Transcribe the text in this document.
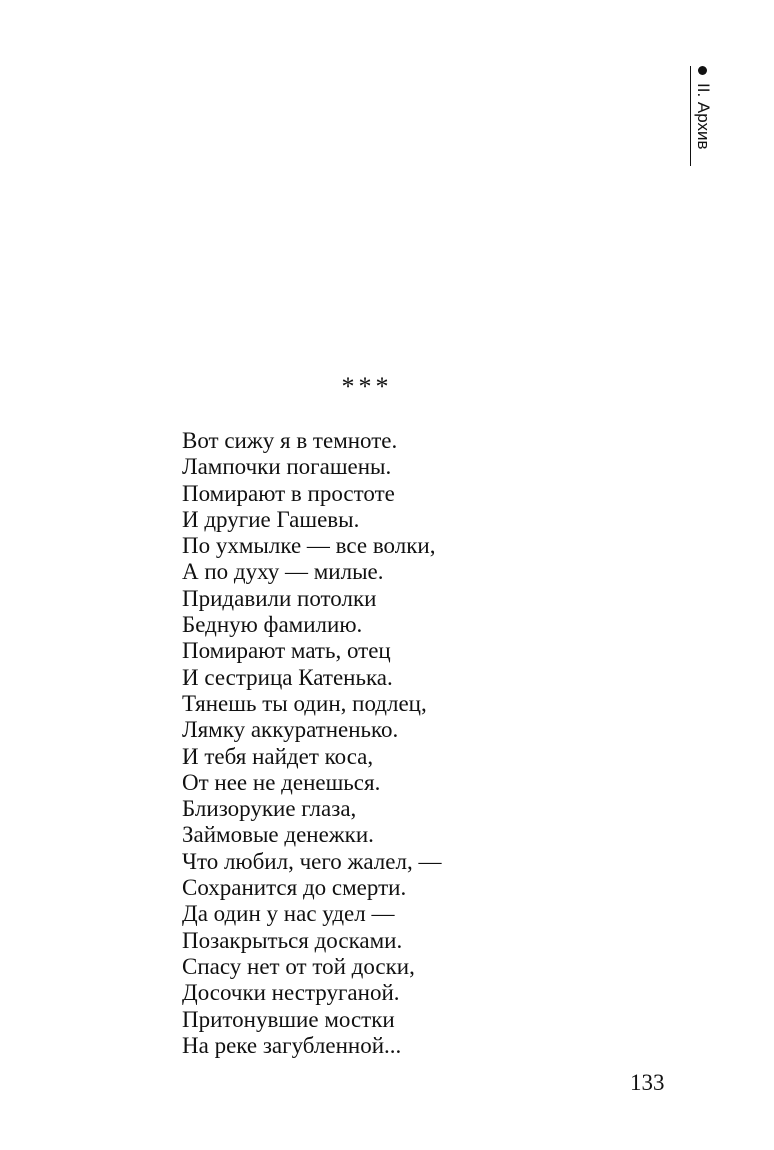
II. Архив
***
Вот сижу я в темноте.
Лампочки погашены.
Помирают в простоте
И другие Гашевы.
По ухмылке — все волки,
А по духу — милые.
Придавили потолки
Бедную фамилию.
Помирают мать, отец
И сестрица Катенька.
Тянешь ты один, подлец,
Лямку аккуратненько.
И тебя найдет коса,
От нее не денешься.
Близорукие глаза,
Займовые денежки.
Что любил, чего жалел, —
Сохранится до смерти.
Да один у нас удел —
Позакрыться досками.
Спасу нет от той доски,
Досочки неструганой.
Притонувшие мостки
На реке загубленной...
133
